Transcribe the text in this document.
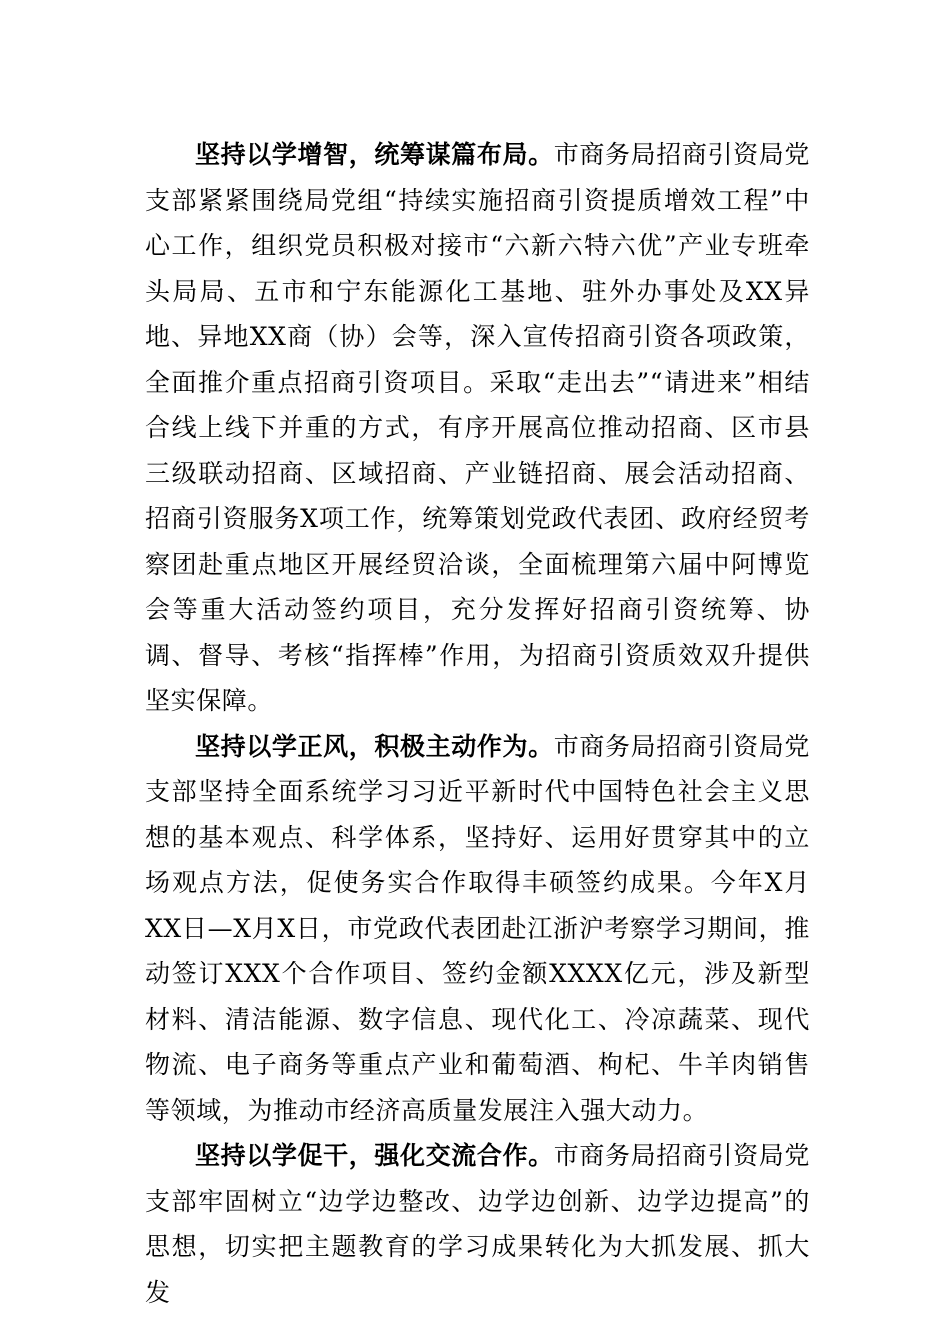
坚持以学增智，统筹谋篇布局。市商务局招商引资局党支部紧紧围绕局党组“持续实施招商引资提质增效工程”中心工作，组织党员积极对接市“六新六特六优”产业专班牵头局局、五市和宁东能源化工基地、驻外办事处及XX异地、异地XX商（协）会等，深入宣传招商引资各项政策，全面推介重点招商引资项目。采取“走出去”“请进来”相结合线上线下并重的方式，有序开展高位推动招商、区市县三级联动招商、区域招商、产业链招商、展会活动招商、招商引资服务X项工作，统筹策划党政代表团、政府经贸考察团赴重点地区开展经贸洽谈，全面梳理第六届中阿博览会等重大活动签约项目，充分发挥好招商引资统筹、协调、督导、考核“指挥棒”作用，为招商引资质效双升提供坚实保障。

坚持以学正风，积极主动作为。市商务局招商引资局党支部坚持全面系统学习习近平新时代中国特色社会主义思想的基本观点、科学体系，坚持好、运用好贯穿其中的立场观点方法，促使务实合作取得丰硕签约成果。今年X月XX日—X月X日，市党政代表团赴江浙沪考察学习期间，推动签订XXX个合作项目、签约金额XXXX亿元，涉及新型材料、清洁能源、数字信息、现代化工、冷凉蔬菜、现代物流、电子商务等重点产业和葡萄酒、枸杞、牛羊肉销售等领域，为推动市经济高质量发展注入强大动力。

坚持以学促干，强化交流合作。市商务局招商引资局党支部牢固树立“边学边整改、边学边创新、边学边提高”的思想，切实把主题教育的学习成果转化为大抓发展、抓大发
